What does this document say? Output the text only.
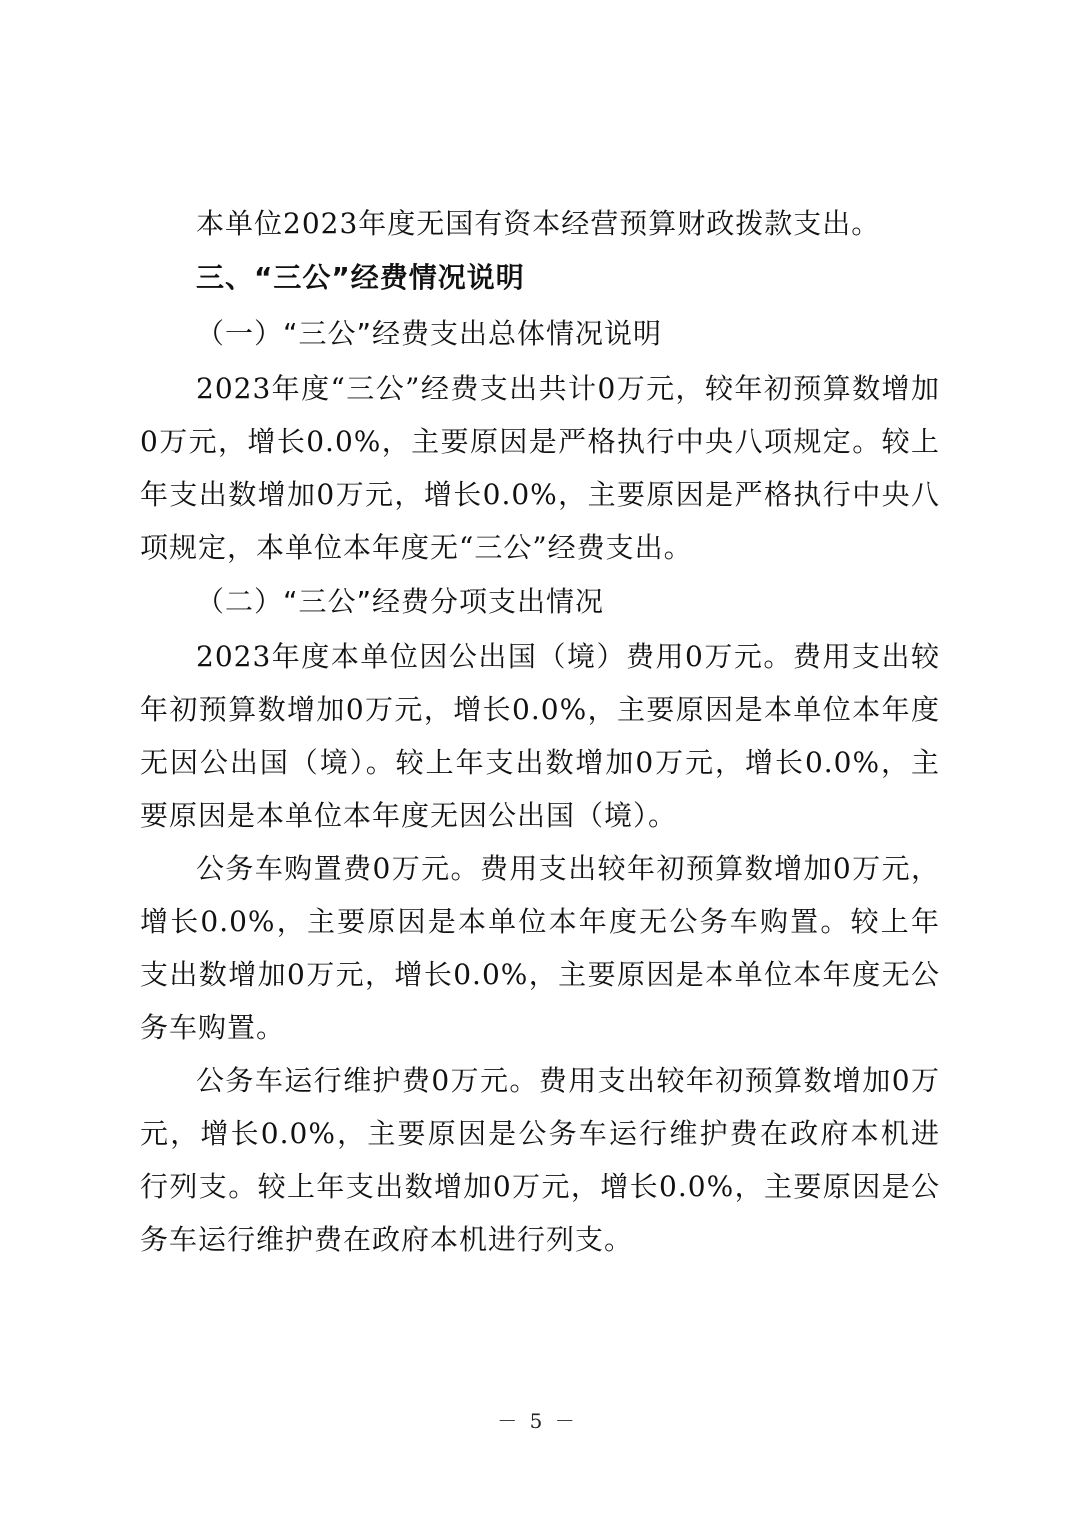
本单位2023年度无国有资本经营预算财政拨款支出。

三、“三公”经费情况说明

（一）“三公”经费支出总体情况说明

2023年度“三公”经费支出共计0万元，较年初预算数增加0万元，增长0.0%，主要原因是严格执行中央八项规定。较上年支出数增加0万元，增长0.0%，主要原因是严格执行中央八项规定，本单位本年度无“三公”经费支出。

（二）“三公”经费分项支出情况

2023年度本单位因公出国（境）费用0万元。费用支出较年初预算数增加0万元，增长0.0%，主要原因是本单位本年度无因公出国（境）。较上年支出数增加0万元，增长0.0%，主要原因是本单位本年度无因公出国（境）。

公务车购置费0万元。费用支出较年初预算数增加0万元，增长0.0%，主要原因是本单位本年度无公务车购置。较上年支出数增加0万元，增长0.0%，主要原因是本单位本年度无公务车购置。

公务车运行维护费0万元。费用支出较年初预算数增加0万元，增长0.0%，主要原因是公务车运行维护费在政府本机进行列支。较上年支出数增加0万元，增长0.0%，主要原因是公务车运行维护费在政府本机进行列支。

－ 5 －
